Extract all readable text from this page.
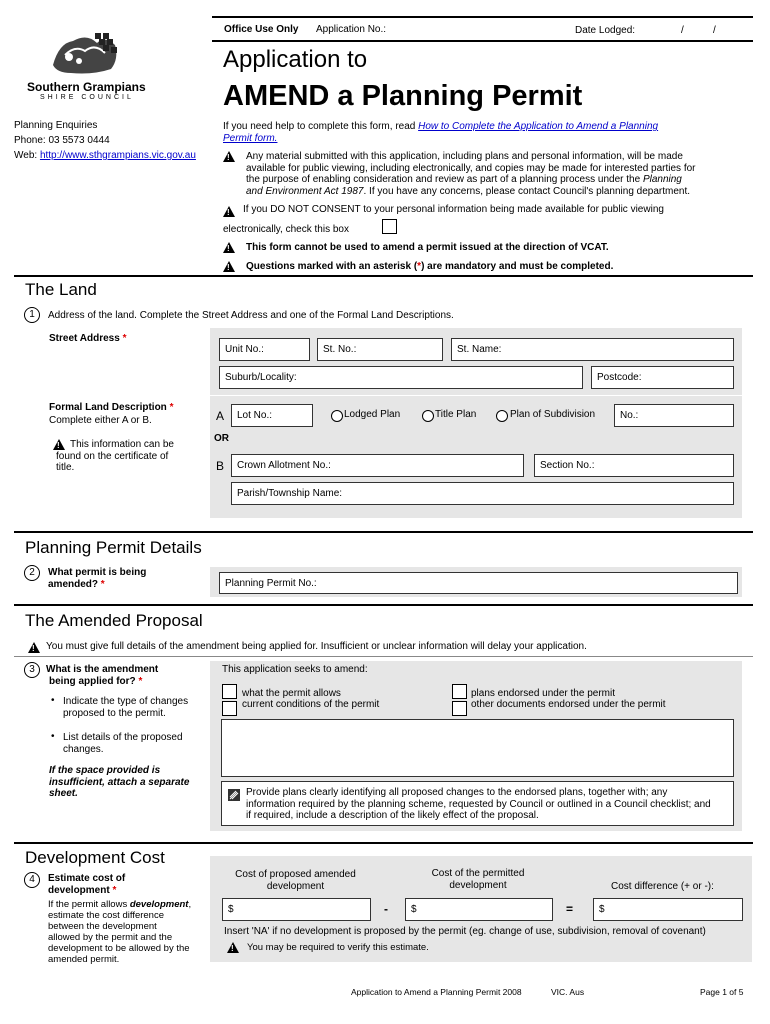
Office Use Only Application No.:	Date Lodged:	/	/
Southern Grampians
SHIRE COUNCIL
Planning Enquiries
Phone: 03 5573 0444
Web: http://www.sthgrampians.vic.gov.au
Application to
AMEND a Planning Permit
If you need help to complete this form, read How to Complete the Application to Amend a Planning
Permit form.
!
Any material submitted with this application, including plans and personal information, will be made
available for public viewing, including electronically, and copies may be made for interested parties for
the purpose of enabling consideration and review as part of a planning process under the Planning
and Environment Act 1987. If you have any concerns, please contact Council's planning department.
!
If you DO NOT CONSENT to your personal information being made available for public viewing
electronically, check this box
!
This form cannot be used to amend a permit issued at the direction of VCAT.
!
Questions marked with an asterisk (*) are mandatory and must be completed.
The Land
1	Address of the land. Complete the Street Address and one of the Formal Land Descriptions.
Street Address *
Unit No.:	St. No.:	St. Name:
Suburb/Locality:	Postcode:
Formal Land Description *
Complete either A or B.
!
This information can be
found on the certificate of
title.
A Lot No.:	Lodged Plan	Title Plan	Plan of Subdivision No.:
OR
B Crown Allotment No.:	Section No.:
Parish/Township Name:
Planning Permit Details
2	What permit is being
amended? *	Planning Permit No.:
The Amended Proposal
!
You must give full details of the amendment being applied for. Insufficient or unclear information will delay your application.
3	What is the amendment
being applied for? *
• Indicate the type of changes
proposed to the permit.
• List details of the proposed
changes.
If the space provided is
insufficient, attach a separate
sheet.
This application seeks to amend:
what the permit allows
current conditions of the permit
plans endorsed under the permit
other documents endorsed under the permit
Provide plans clearly identifying all proposed changes to the endorsed plans, together with; any
information required by the planning scheme, requested by Council or outlined in a Council checklist; and
if required, include a description of the likely effect of the proposal.
Development Cost
4	Estimate cost of
development *
If the permit allows development,
estimate the cost difference
between the development
allowed by the permit and the
development to be allowed by the
amended permit.
Cost of proposed amended
development
Cost of the permitted
development	Cost difference (+ or -):
$	- $	=	$
Insert 'NA' if no development is proposed by the permit (eg. change of use, subdivision, removal of covenant)
!
You may be required to verify this estimate.
Application to Amend a Planning Permit 2008	VIC. Aus	Page 1 of 5
